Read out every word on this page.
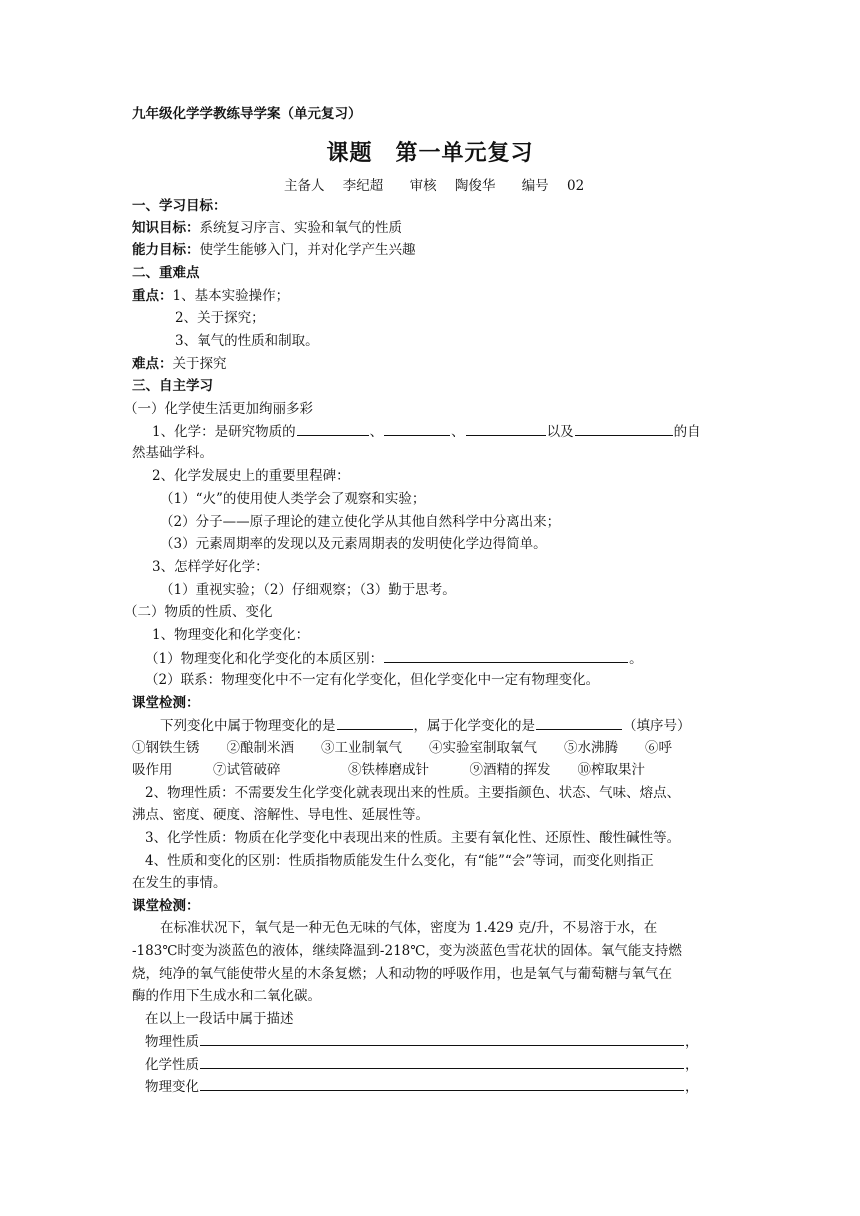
九年级化学学教练导学案（单元复习）
课题　第一单元复习
主备人 李纪超 审核 陶俊华 编号 02
一、学习目标：
知识目标：系统复习序言、实验和氧气的性质
能力目标：使学生能够入门，并对化学产生兴趣
二、重难点
重点：1、基本实验操作；
2、关于探究；
3、氧气的性质和制取。
难点：关于探究
三、自主学习
（一）化学使生活更加绚丽多彩
1、化学：是研究物质的	、	、	以及	的自
然基础学科。
2、化学发展史上的重要里程碑：
（1）“火”的使用使人类学会了观察和实验；
（2）分子——原子理论的建立使化学从其他自然科学中分离出来；
（3）元素周期率的发现以及元素周期表的发明使化学边得简单。
3、怎样学好化学：
（1）重视实验；（2）仔细观察；（3）勤于思考。
（二）物质的性质、变化
1、物理变化和化学变化：
（1）物理变化和化学变化的本质区别：	。
（2）联系：物理变化中不一定有化学变化，但化学变化中一定有物理变化。
课堂检测：
下列变化中属于物理变化的是	，属于化学变化的是	（填序号）
①钢铁生锈　　②酿制米酒　　③工业制氧气　　④实验室制取氧气　　⑤水沸腾　　⑥呼
吸作用　　　⑦试管破碎　　　　　⑧铁棒磨成针　　　⑨酒精的挥发　　⑩榨取果汁
2、物理性质：不需要发生化学变化就表现出来的性质。主要指颜色、状态、气味、熔点、
沸点、密度、硬度、溶解性、导电性、延展性等。
3、化学性质：物质在化学变化中表现出来的性质。主要有氧化性、还原性、酸性碱性等。
4、性质和变化的区别：性质指物质能发生什么变化，有“能”“会”等词，而变化则指正
在发生的事情。
课堂检测：
在标准状况下，氧气是一种无色无味的气体，密度为 1.429 克/升，不易溶于水，在
-183℃时变为淡蓝色的液体，继续降温到-218℃，变为淡蓝色雪花状的固体。氧气能支持燃
烧，纯净的氧气能使带火星的木条复燃；人和动物的呼吸作用，也是氧气与葡萄糖与氧气在
酶的作用下生成水和二氧化碳。
在以上一段话中属于描述
物理性质	，
化学性质	，
物理变化	，
